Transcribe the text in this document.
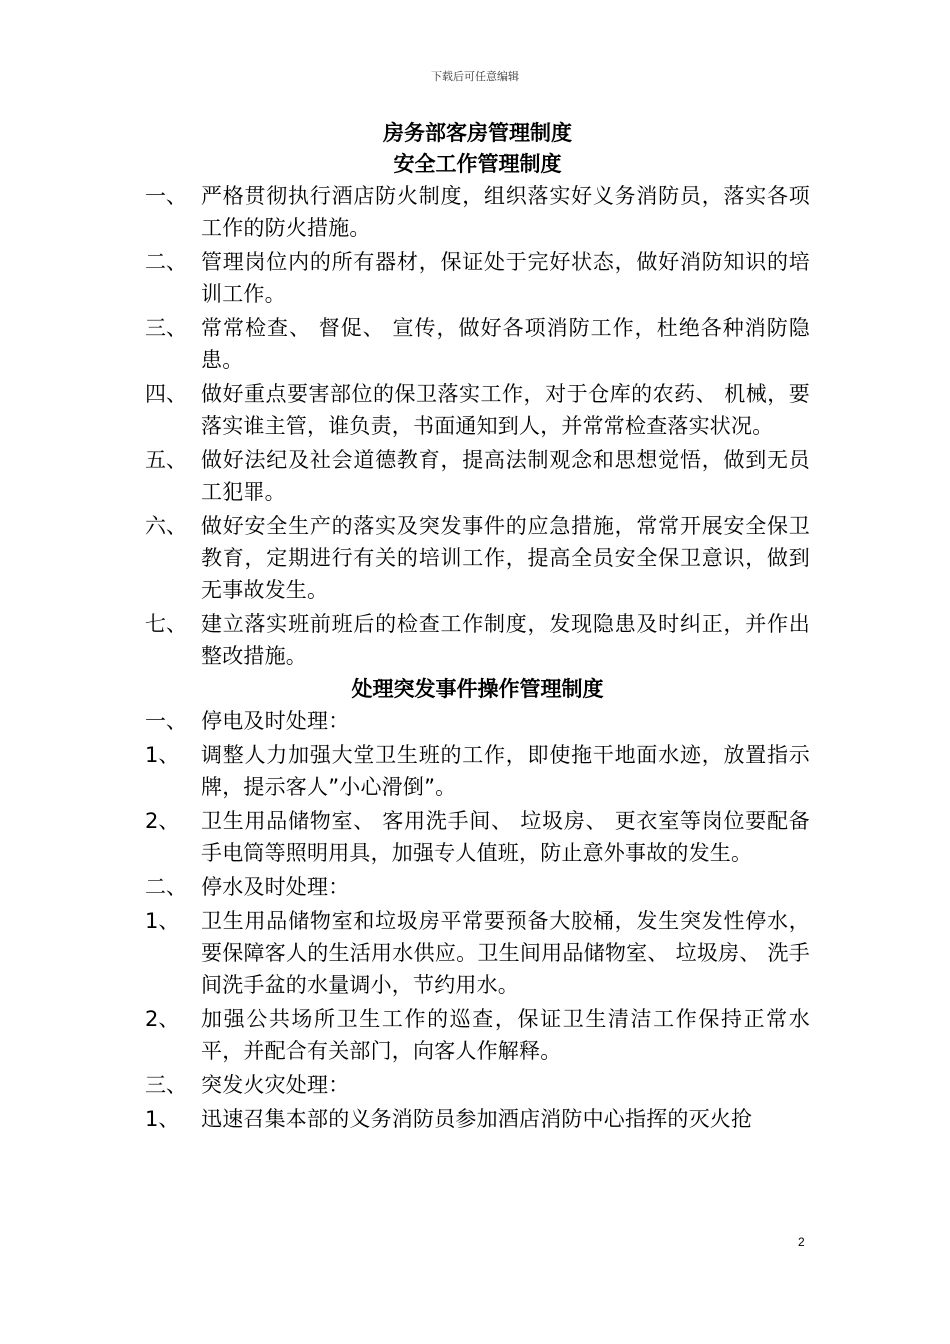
下载后可任意编辑
房务部客房管理制度
安全工作管理制度
一、 严格贯彻执行酒店防火制度，组织落实好义务消防员，落实各项工作的防火措施。
二、 管理岗位内的所有器材，保证处于完好状态，做好消防知识的培训工作。
三、 常常检查、 督促、 宣传，做好各项消防工作，杜绝各种消防隐患。
四、 做好重点要害部位的保卫落实工作，对于仓库的农药、 机械，要落实谁主管，谁负责，书面通知到人，并常常检查落实状况。
五、 做好法纪及社会道德教育，提高法制观念和思想觉悟，做到无员工犯罪。
六、 做好安全生产的落实及突发事件的应急措施，常常开展安全保卫教育，定期进行有关的培训工作，提高全员安全保卫意识，做到无事故发生。
七、 建立落实班前班后的检查工作制度，发现隐患及时纠正，并作出整改措施。
处理突发事件操作管理制度
一、 停电及时处理：
1、	调整人力加强大堂卫生班的工作，即使拖干地面水迹，放置指示牌，提示客人”小心滑倒”。
2、	卫生用品储物室、 客用洗手间、 垃圾房、 更衣室等岗位要配备手电筒等照明用具，加强专人值班，防止意外事故的发生。
二、 停水及时处理：
1、	卫生用品储物室和垃圾房平常要预备大胶桶，发生突发性停水，要保障客人的生活用水供应。卫生间用品储物室、 垃圾房、 洗手间洗手盆的水量调小，节约用水。
2、	加强公共场所卫生工作的巡查，保证卫生清洁工作保持正常水平，并配合有关部门，向客人作解释。
三、 突发火灾处理：
1、	迅速召集本部的义务消防员参加酒店消防中心指挥的灭火抢
2
